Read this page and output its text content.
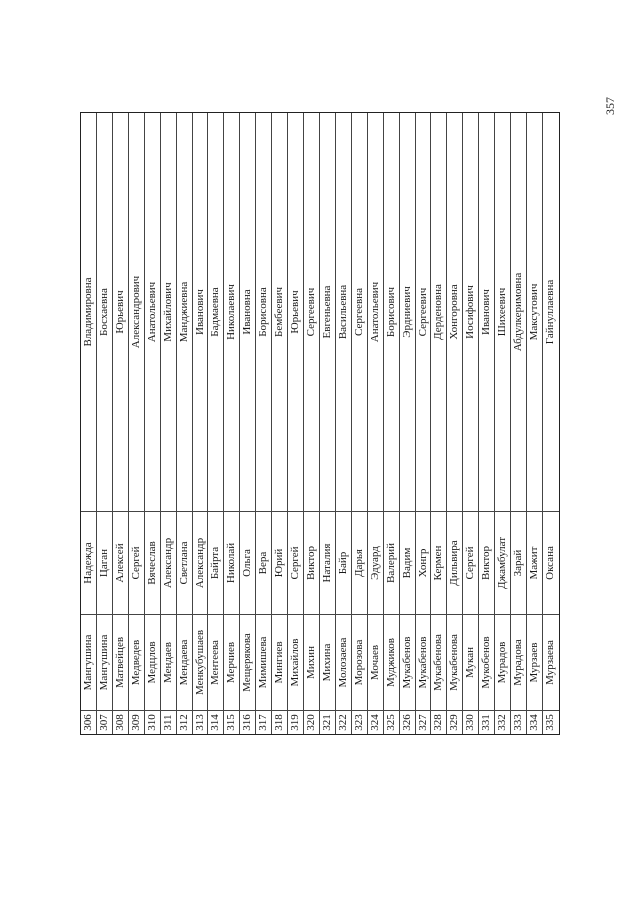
357
306
Мангушина
Надежда
Владимировна
307
Мангушина
Цаган
Босхаевна
308
Матвейцев
Алексей
Юрьевич
309
Медведев
Сергей
Александрович
310
Медцлов
Вячеслав
Анатольевич
311
Мендаев
Александр
Михайлович
312
Мендаева
Светлана
Манджиевна
313
Менкубушаев
Александр
Иванович
314
Ментеева
Байрта
Бадмаевна
315
Мерчиев
Николай
Николаевич
316
Мещерякова
Ольга
Ивановна
317
Мимишева
Вера
Борисовна
318
Мингиев
Юрий
Бембеевич
319
Михайлов
Сергей
Юрьевич
320
Михин
Виктор
Сергеевич
321
Михина
Наталия
Евгеньевна
322
Молозаева
Байр
Васильевна
323
Морозова
Дарья
Сергеевна
324
Мочаев
Эдуард
Анатольевич
325
Муджиков
Валерий
Борисович
326
Мукабенов
Вадим
Эрдниевич
327
Мукабенов
Хонгр
Сергеевич
328
Мукабенова
Кермен
Дерденовна
329
Мукабенова
Дильвира
Хонгоровна
330
Мукан
Сергей
Иосифович
331
Мукобенов
Виктор
Иванович
332
Мурадов
Джамбулат
Шихеевич
333
Мурадова
Зарай
Абдулкеримовна
334
Мурзаев
Мажит
Максутович
335
Мурзаева
Оксана
Гайнуллаевна
